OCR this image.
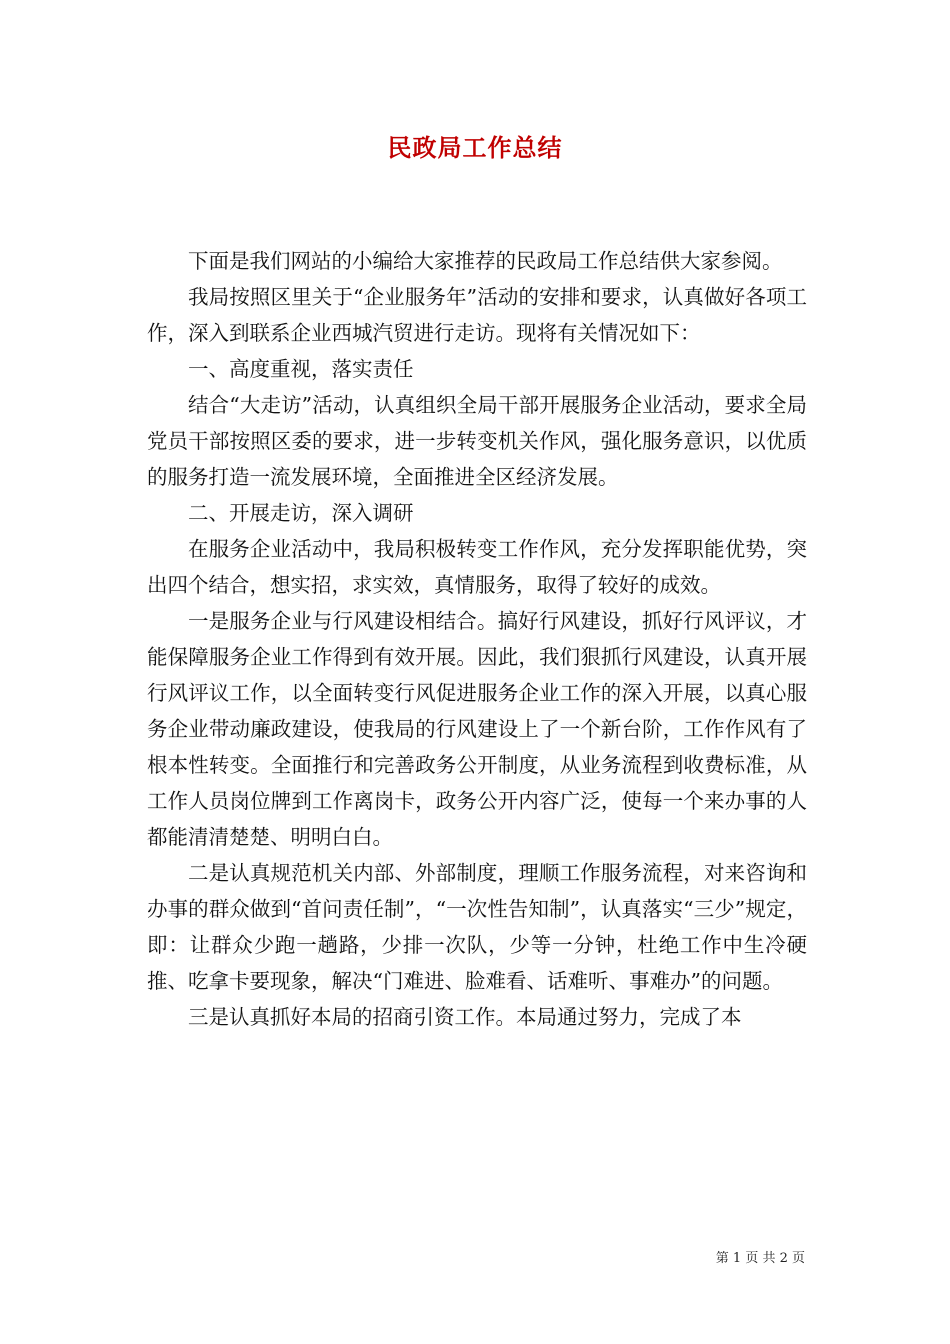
民政局工作总结

下面是我们网站的小编给大家推荐的民政局工作总结供大家参阅。

我局按照区里关于“企业服务年”活动的安排和要求，认真做好各项工作，深入到联系企业西城汽贸进行走访。现将有关情况如下：

一、高度重视，落实责任

结合“大走访”活动，认真组织全局干部开展服务企业活动，要求全局党员干部按照区委的要求，进一步转变机关作风，强化服务意识，以优质的服务打造一流发展环境，全面推进全区经济发展。

二、开展走访，深入调研

在服务企业活动中，我局积极转变工作作风，充分发挥职能优势，突出四个结合，想实招，求实效，真情服务，取得了较好的成效。

一是服务企业与行风建设相结合。搞好行风建设，抓好行风评议，才能保障服务企业工作得到有效开展。因此，我们狠抓行风建设，认真开展行风评议工作，以全面转变行风促进服务企业工作的深入开展，以真心服务企业带动廉政建设，使我局的行风建设上了一个新台阶，工作作风有了根本性转变。全面推行和完善政务公开制度，从业务流程到收费标准，从工作人员岗位牌到工作离岗卡，政务公开内容广泛，使每一个来办事的人都能清清楚楚、明明白白。

二是认真规范机关内部、外部制度，理顺工作服务流程，对来咨询和办事的群众做到“首问责任制”，“一次性告知制”，认真落实“三少”规定，即：让群众少跑一趟路，少排一次队，少等一分钟，杜绝工作中生冷硬推、吃拿卡要现象，解决“门难进、脸难看、话难听、事难办”的问题。

三是认真抓好本局的招商引资工作。本局通过努力，完成了本

第 1 页 共 2 页
